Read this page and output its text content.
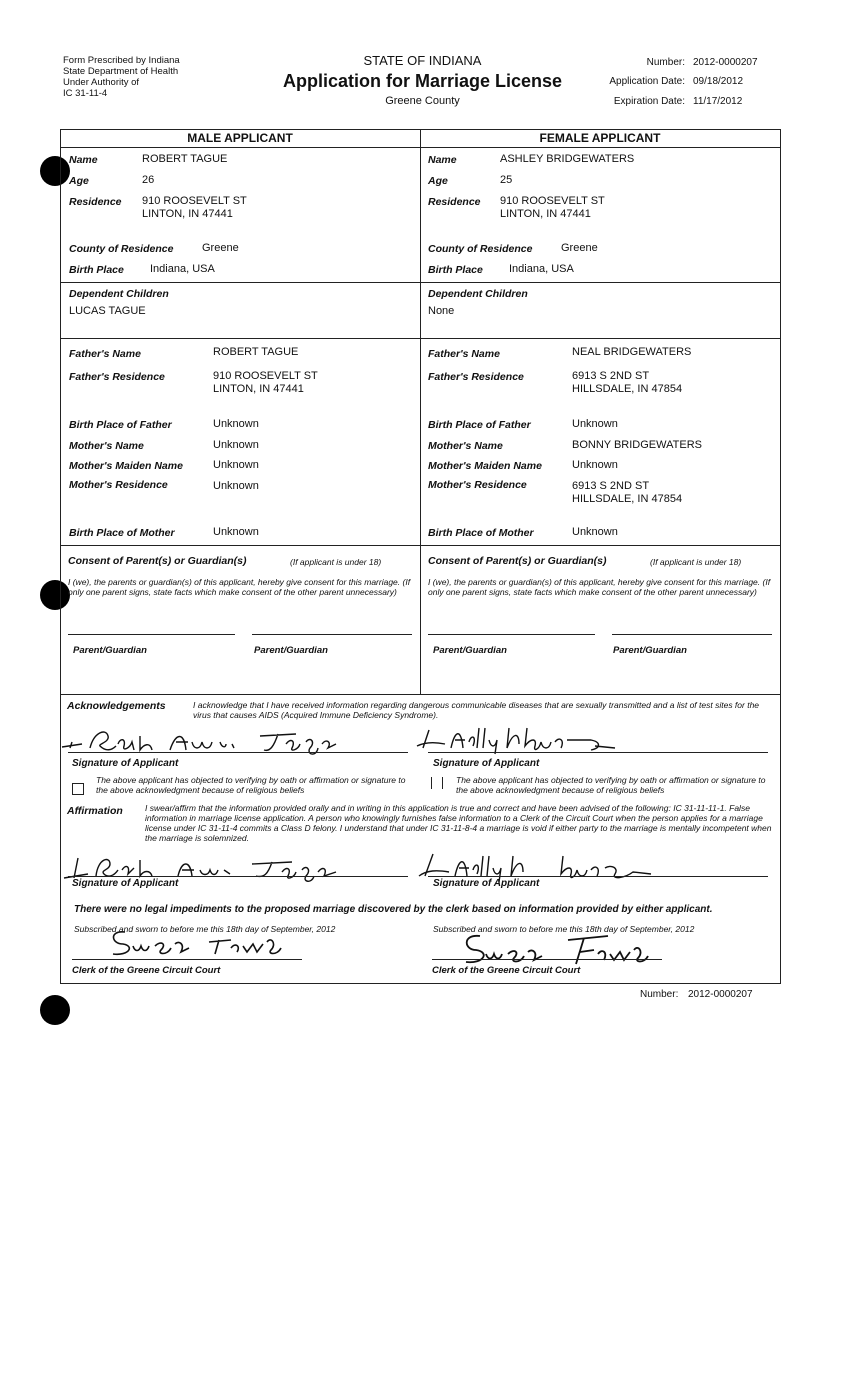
Form Prescribed by Indiana
State Department of Health
Under Authority of
IC 31-11-4
STATE OF INDIANA
Application for Marriage License
Greene County
Number: 2012-0000207
Application Date: 09/18/2012
Expiration Date: 11/17/2012
MALE APPLICANT	FEMALE APPLICANT
Name	ROBERT TAGUE
Age	26
Residence 910 ROOSEVELT ST
LINTON, IN 47441
County of Residence	Greene
Birth Place Indiana, USA
Dependent Children
LUCAS TAGUE
Father's Name	ROBERT TAGUE
Father's Residence	910 ROOSEVELT ST
LINTON, IN 47441
Birth Place of Father	Unknown
Mother's Name	Unknown
Mother's Maiden Name	Unknown
Mother's Residence	Unknown
Birth Place of Mother	Unknown
Name	ASHLEY BRIDGEWATERS
Age	25
Residence 910 ROOSEVELT ST
LINTON, IN 47441
County of Residence	Greene
Birth Place Indiana, USA
Dependent Children
None
Father's Name	NEAL BRIDGEWATERS
Father's Residence	6913 S 2ND ST
HILLSDALE, IN 47854
Birth Place of Father	Unknown
Mother's Name	BONNY BRIDGEWATERS
Mother's Maiden Name	Unknown
Mother's Residence	6913 S 2ND ST
HILLSDALE, IN 47854
Birth Place of Mother	Unknown
Consent of Parent(s) or Guardian(s)	(If applicant is under 18)
I (we), the parents or guardian(s) of this applicant, hereby give consent for this marriage. (If only one parent signs, state facts which make consent of the other parent unnecessary)
Parent/Guardian	Parent/Guardian
Consent of Parent(s) or Guardian(s)	(If applicant is under 18)
I (we), the parents or guardian(s) of this applicant, hereby give consent for this marriage. (If only one parent signs, state facts which make consent of the other parent unnecessary)
Parent/Guardian	Parent/Guardian
Acknowledgements	I acknowledge that I have received information regarding dangerous communicable diseases that are sexually transmitted and a list of test sites for the virus that causes AIDS (Acquired Immune Deficiency Syndrome).
Signature of Applicant	Signature of Applicant
The above applicant has objected to verifying by oath or affirmation or signature to the above acknowledgment because of religious beliefs
The above applicant has objected to verifying by oath or affirmation or signature to the above acknowledgment because of religious beliefs
Affirmation	I swear/affirm that the information provided orally and in writing in this application is true and correct and have been advised of the following: IC 31-11-11-1. False information in marriage license application. A person who knowingly furnishes false information to a Clerk of the Circuit Court when the person applies for a marriage license under IC 31-11-4 commits a Class D felony. I understand that under IC 31-11-8-4 a marriage is void if either party to the marriage is mentally incompetent when the marriage is solemnized.
Signature of Applicant	Signature of Applicant
There were no legal impediments to the proposed marriage discovered by the clerk based on information provided by either applicant.
Subscribed and sworn to before me this 18th day of September, 2012	Subscribed and sworn to before me this 18th day of September, 2012
Clerk of the Greene Circuit Court	Clerk of the Greene Circuit Court
Number: 2012-0000207
